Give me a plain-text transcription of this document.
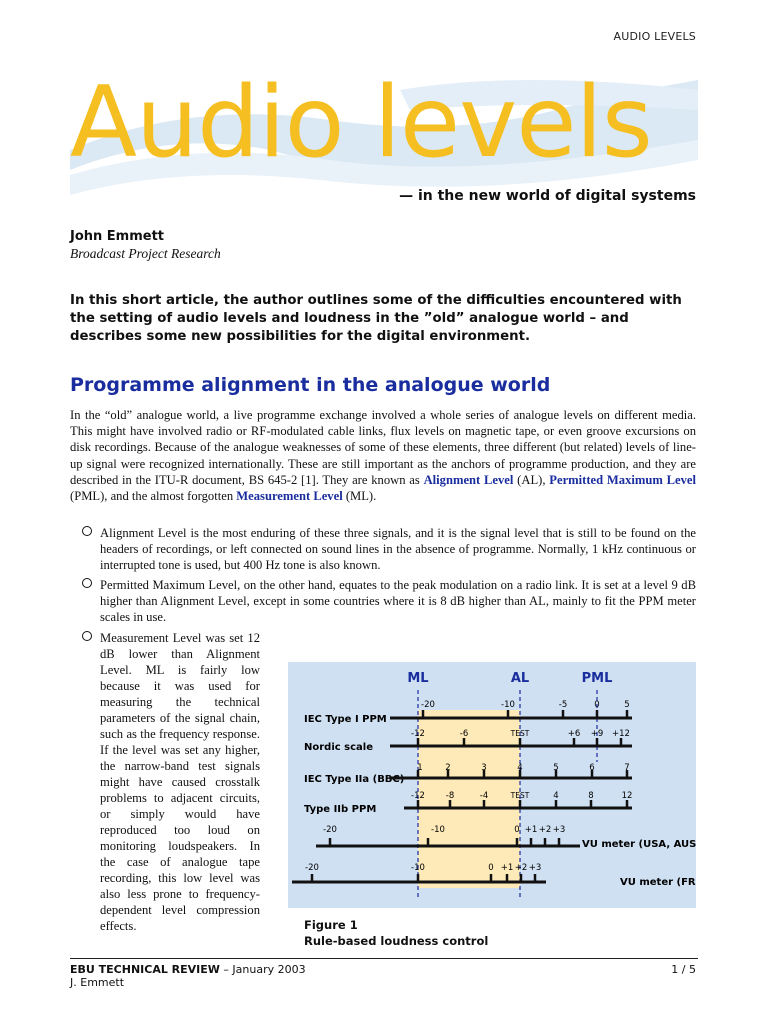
AUDIO LEVELS
Audio levels
— in the new world of digital systems
John Emmett
Broadcast Project Research
In this short article, the author outlines some of the difficulties encountered with the setting of audio levels and loudness in the ”old” analogue world – and describes some new possibilities for the digital environment.
Programme alignment in the analogue world
In the “old” analogue world, a live programme exchange involved a whole series of analogue levels on different media. This might have involved radio or RF-modulated cable links, flux levels on magnetic tape, or even groove excursions on disk recordings. Because of the analogue weaknesses of some of these elements, three different (but related) levels of line-up signal were recognized internationally. These are still important as the anchors of programme production, and they are described in the ITU-R document, BS 645-2 [1]. They are known as Alignment Level (AL), Permitted Maximum Level (PML), and the almost forgotten Measurement Level (ML).
Alignment Level is the most enduring of these three signals, and it is the signal level that is still to be found on the headers of recordings, or left connected on sound lines in the absence of programme. Normally, 1 kHz continuous or interrupted tone is used, but 400 Hz tone is also known.
Permitted Maximum Level, on the other hand, equates to the peak modulation on a radio link. It is set at a level 9 dB higher than Alignment Level, except in some countries where it is 8 dB higher than AL, mainly to fit the PPM meter scales in use.
Measurement Level was set 12 dB lower than Alignment Level. ML is fairly low because it was used for measuring the technical parameters of the signal chain, such as the frequency response. If the level was set any higher, the narrow-band test signals might have caused crosstalk problems to adjacent circuits, or simply would have reproduced too loud on monitoring loudspeakers. In the case of analogue tape recording, this low level was also less prone to frequency-dependent level compression effects.
ML	AL	PML
IEC Type I PPM
-20	-10	-5	0	5
Nordic scale
-12	-6	TEST	+6 +9 +12
IEC Type IIa (BBC)
1	2	3	4	5	6	7
Type IIb PPM
-12 -8	-4	TEST	4	8	12
-20	-10	0 +1 +2 +3
VU meter (USA, AUS)
-20	-10	0 +1 +2 +3
VU meter (FR)
Figure 1
Rule-based loudness control
EBU TECHNICAL REVIEW – January 2003
J. Emmett
1 / 5
